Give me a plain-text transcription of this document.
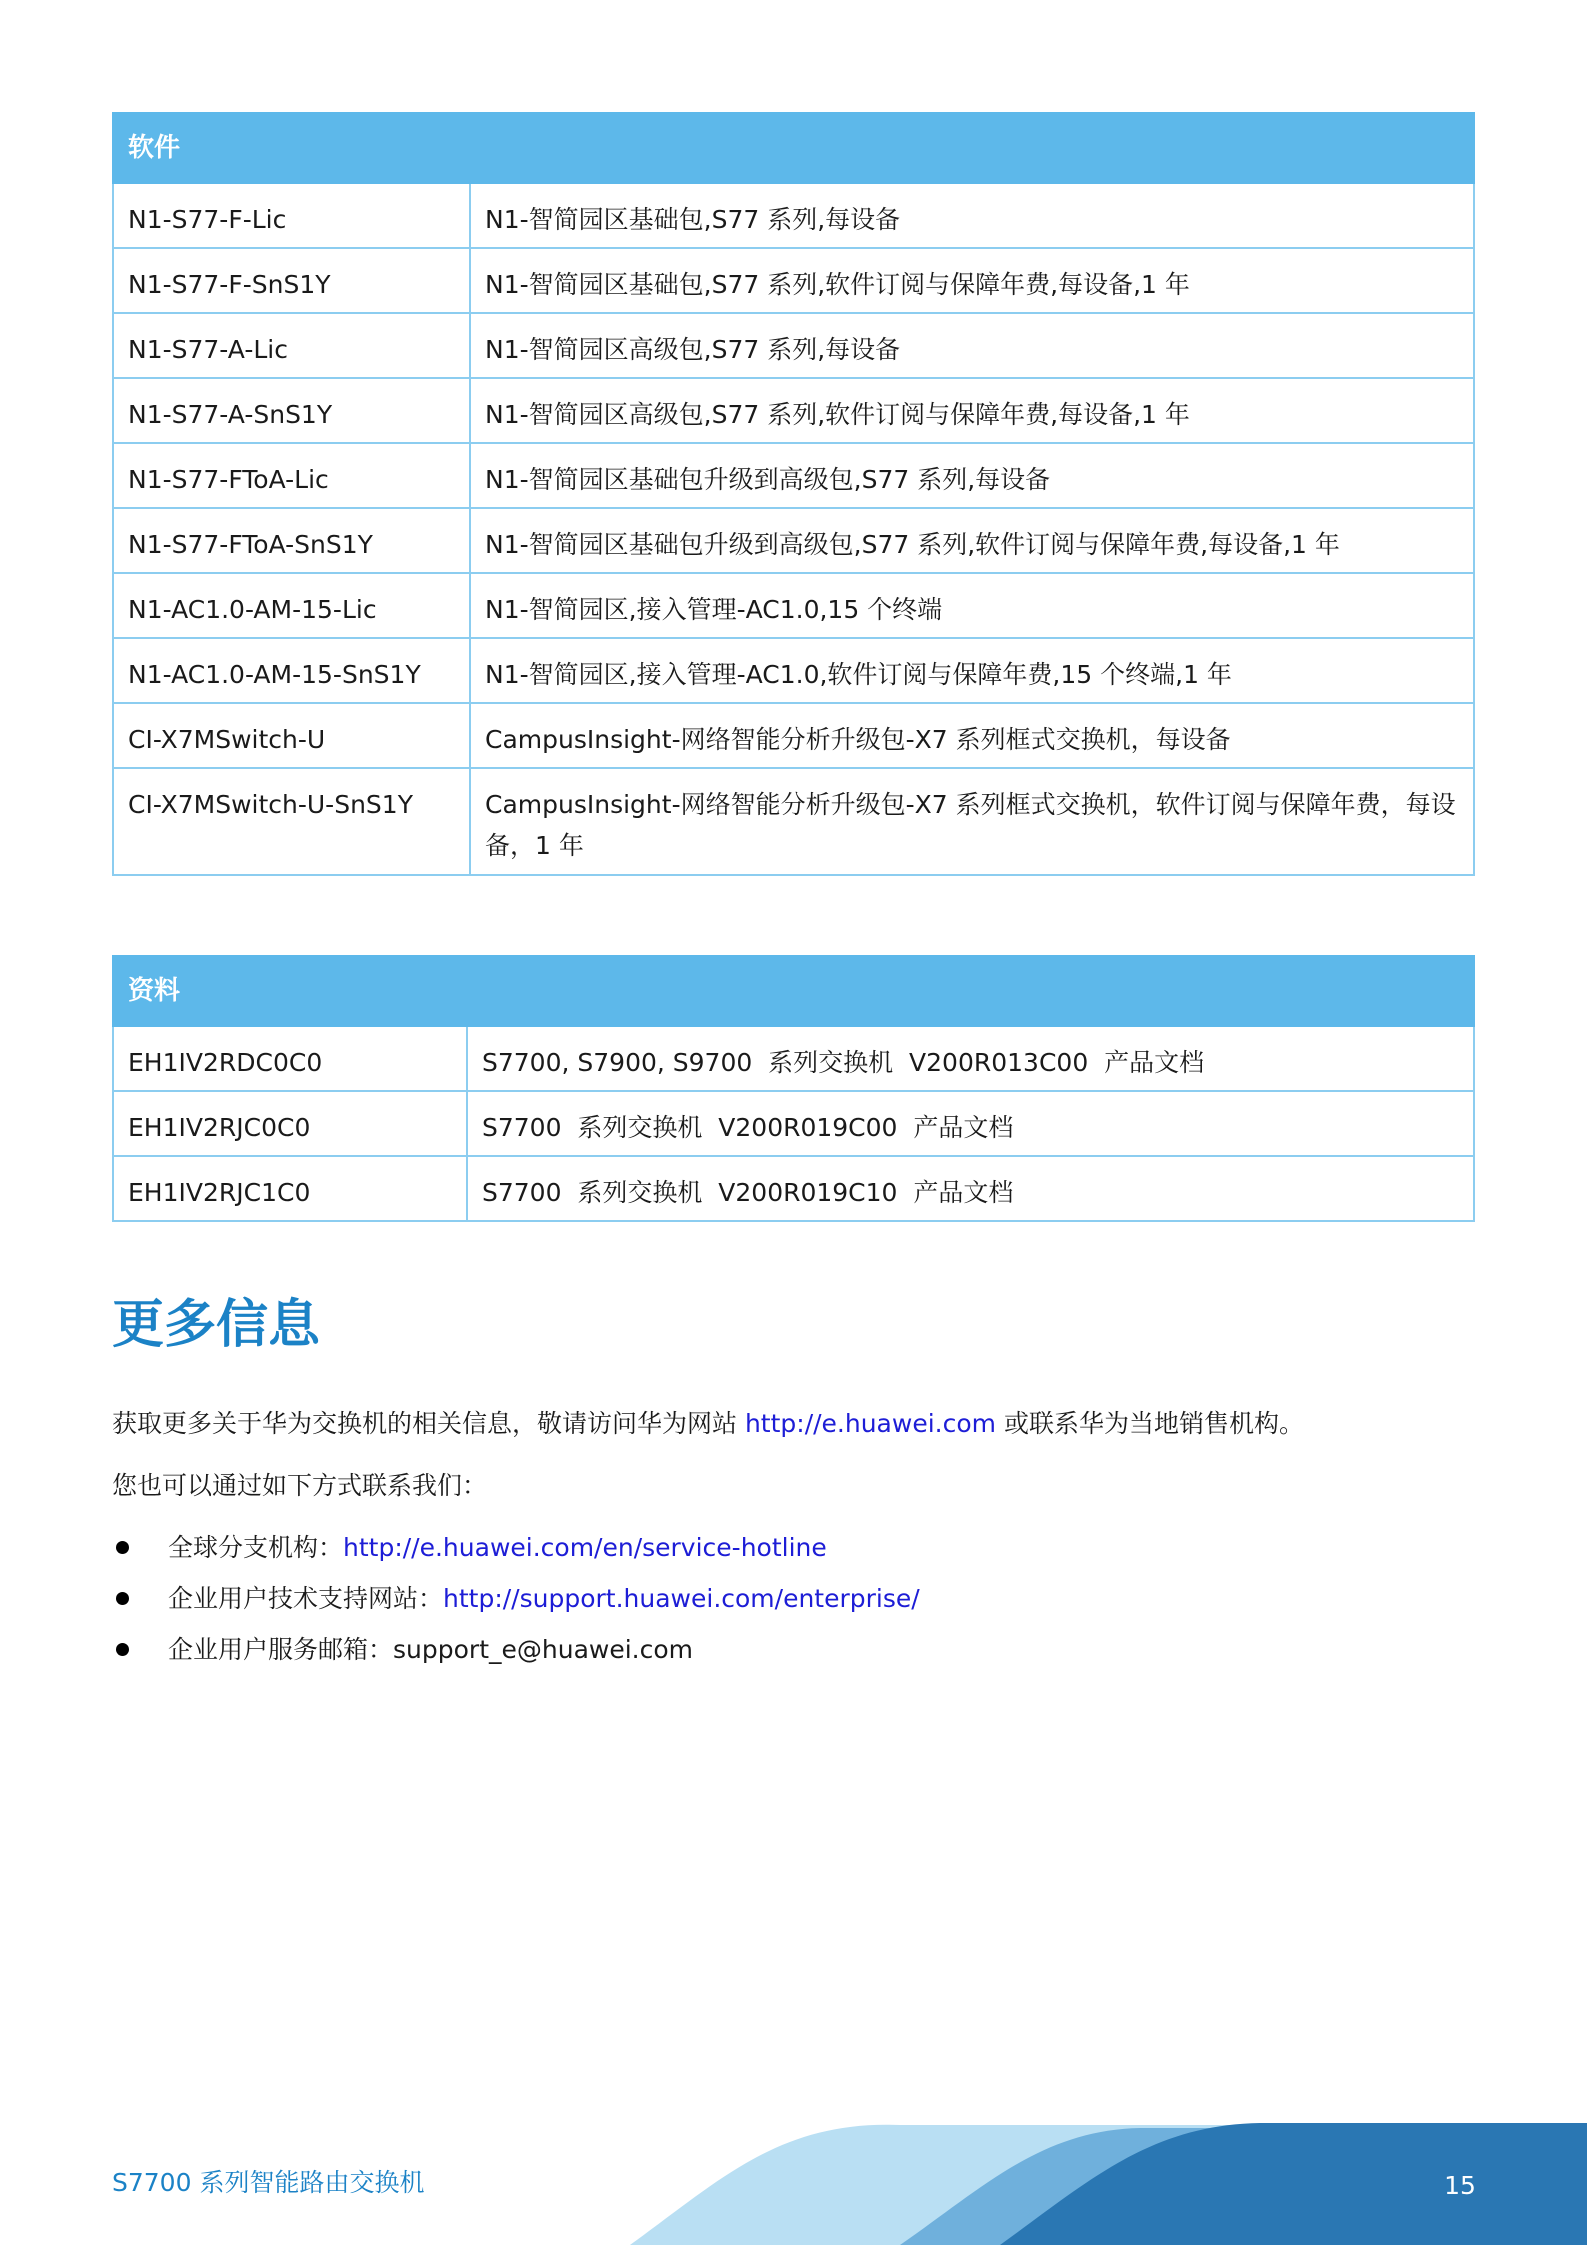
软件	
N1-S77-F-Lic	N1-智简园区基础包,S77 系列,每设备
N1-S77-F-SnS1Y	N1-智简园区基础包,S77 系列,软件订阅与保障年费,每设备,1 年
N1-S77-A-Lic	N1-智简园区高级包,S77 系列,每设备
N1-S77-A-SnS1Y	N1-智简园区高级包,S77 系列,软件订阅与保障年费,每设备,1 年
N1-S77-FToA-Lic	N1-智简园区基础包升级到高级包,S77 系列,每设备
N1-S77-FToA-SnS1Y	N1-智简园区基础包升级到高级包,S77 系列,软件订阅与保障年费,每设备,1 年
N1-AC1.0-AM-15-Lic	N1-智简园区,接入管理-AC1.0,15 个终端
N1-AC1.0-AM-15-SnS1Y	N1-智简园区,接入管理-AC1.0,软件订阅与保障年费,15 个终端,1 年
CI-X7MSwitch-U	CampusInsight-网络智能分析升级包-X7 系列框式交换机，每设备
CI-X7MSwitch-U-SnS1Y	CampusInsight-网络智能分析升级包-X7 系列框式交换机，软件订阅与保障年费，每设备，1 年
资料	
EH1IV2RDC0C0	S7700, S7900, S9700  系列交换机  V200R013C00  产品文档
EH1IV2RJC0C0	S7700  系列交换机  V200R019C00  产品文档
EH1IV2RJC1C0	S7700  系列交换机  V200R019C10  产品文档
更多信息

获取更多关于华为交换机的相关信息，敬请访问华为网站 http://e.huawei.com 或联系华为当地销售机构。

您也可以通过如下方式联系我们：

全球分支机构：http://e.huawei.com/en/service-hotline
企业用户技术支持网站：http://support.huawei.com/enterprise/
企业用户服务邮箱：support_e@huawei.com
S7700 系列智能路由交换机	15
